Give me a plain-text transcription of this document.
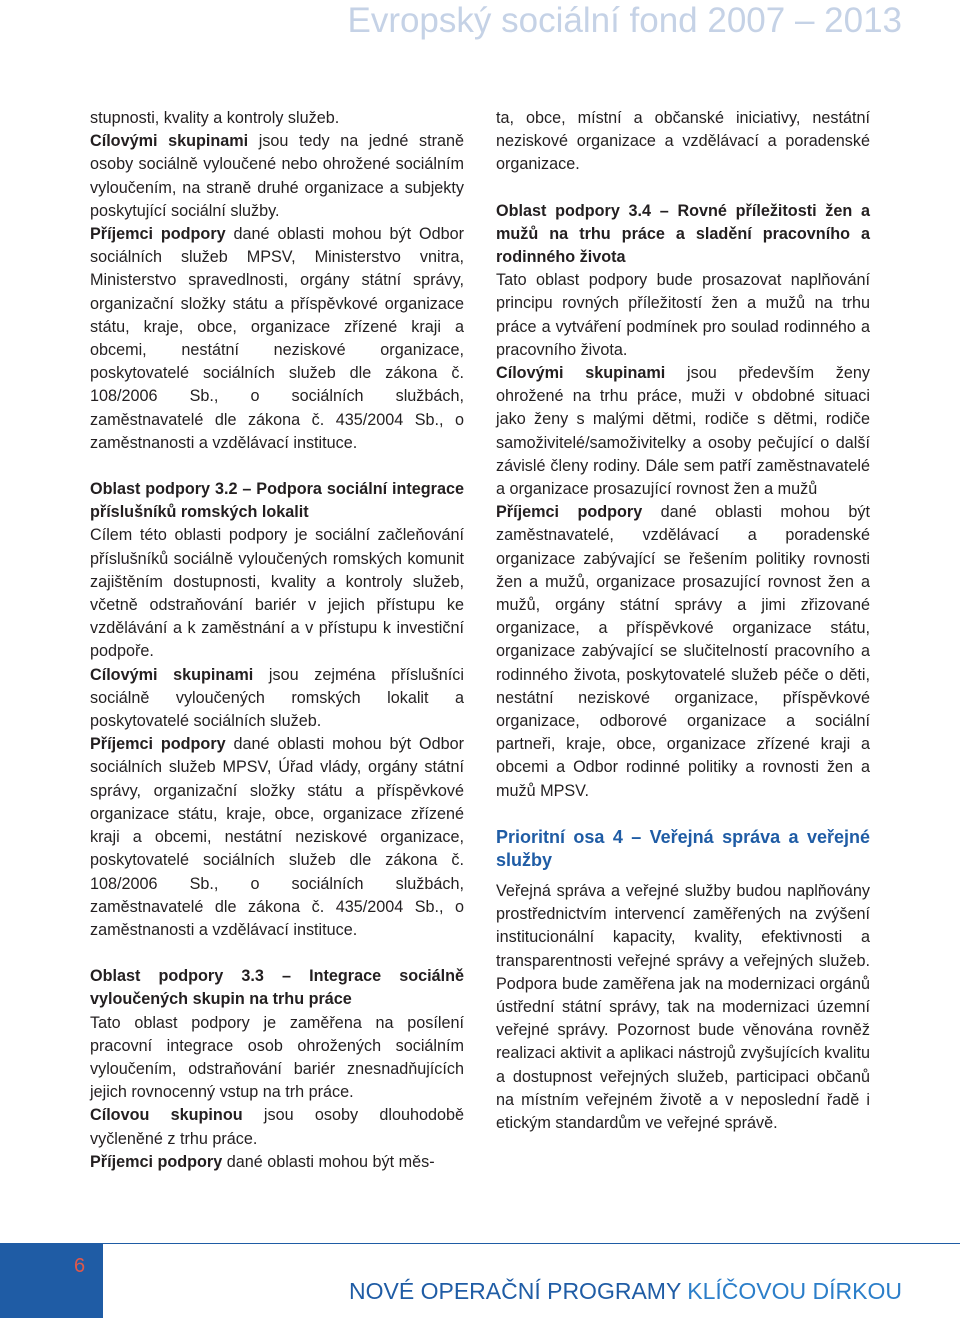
Evropský sociální fond 2007 – 2013

stupnosti, kvality a kontroly služeb.

Cílovými skupinami jsou tedy na jedné straně osoby sociálně vyloučené nebo ohrožené sociálním vyloučením, na straně druhé organizace a subjekty poskytující sociální služby.

Příjemci podpory dané oblasti mohou být Odbor sociálních služeb MPSV, Ministerstvo vnitra, Ministerstvo spravedlnosti, orgány státní správy, organizační složky státu a příspěvkové organizace státu, kraje, obce, organizace zřízené kraji a obcemi, nestátní neziskové organizace, poskytovatelé sociálních služeb dle zákona č. 108/2006 Sb., o sociálních službách, zaměstnavatelé dle zákona č. 435/2004 Sb., o zaměstnanosti a vzdělávací instituce.

Oblast podpory 3.2 – Podpora sociální integrace příslušníků romských lokalit

Cílem této oblasti podpory je sociální začleňování příslušníků sociálně vyloučených romských komunit zajištěním dostupnosti, kvality a kontroly služeb, včetně odstraňování bariér v jejich přístupu ke vzdělávání a k zaměstnání a v přístupu k investiční podpoře.

Cílovými skupinami jsou zejména příslušníci sociálně vyloučených romských lokalit a poskytovatelé sociálních služeb.

Příjemci podpory dané oblasti mohou být Odbor sociálních služeb MPSV, Úřad vlády, orgány státní správy, organizační složky státu a příspěvkové organizace státu, kraje, obce, organizace zřízené kraji a obcemi, nestátní neziskové organizace, poskytovatelé sociálních služeb dle zákona č. 108/2006 Sb., o sociálních službách, zaměstnavatelé dle zákona č. 435/2004 Sb., o zaměstnanosti a vzdělávací instituce.

Oblast podpory 3.3 – Integrace sociálně vyloučených skupin na trhu práce

Tato oblast podpory je zaměřena na posílení pracovní integrace osob ohrožených sociálním vyloučením, odstraňování bariér znesnadňujících jejich rovnocenný vstup na trh práce.

Cílovou skupinou jsou osoby dlouhodobě vyčleněné z trhu práce.

Příjemci podpory dané oblasti mohou být měs-

ta, obce, místní a občanské iniciativy, nestátní neziskové organizace a vzdělávací a poradenské organizace.

Oblast podpory 3.4 – Rovné příležitosti žen a mužů na trhu práce a sladění pracovního a rodinného života

Tato oblast podpory bude prosazovat naplňování principu rovných příležitostí žen a mužů na trhu práce a vytváření podmínek pro soulad rodinného a pracovního života.

Cílovými skupinami jsou především ženy ohrožené na trhu práce, muži v obdobné situaci jako ženy s malými dětmi, rodiče s dětmi, rodiče samoživitelé/samoživitelky a osoby pečující o další závislé členy rodiny. Dále sem patří zaměstnavatelé a organizace prosazující rovnost žen a mužů

Příjemci podpory dané oblasti mohou být zaměstnavatelé, vzdělávací a poradenské organizace zabývající se řešením politiky rovnosti žen a mužů, organizace prosazující rovnost žen a mužů, orgány státní správy a jimi zřizované organizace, a příspěvkové organizace státu, organizace zabývající se slučitelností pracovního a rodinného života, poskytovatelé služeb péče o děti, nestátní neziskové organizace, příspěvkové organizace, odborové organizace a sociální partneři, kraje, obce, organizace zřízené kraji a obcemi a Odbor rodinné politiky a rovnosti žen a mužů MPSV.

Prioritní osa 4 – Veřejná správa a veřejné služby

Veřejná správa a veřejné služby budou naplňovány prostřednictvím intervencí zaměřených na zvýšení institucionální kapacity, kvality, efektivnosti a transparentnosti veřejné správy a veřejných služeb. Podpora bude zaměřena jak na modernizaci orgánů ústřední státní správy, tak na modernizaci územní veřejné správy. Pozornost bude věnována rovněž realizaci aktivit a aplikaci nástrojů zvyšujících kvalitu a dostupnost veřejných služeb, participaci občanů na místním veřejném životě a v neposlední řadě i etickým standardům ve veřejné správě.

6
NOVÉ OPERAČNÍ PROGRAMY KLÍČOVOU DÍRKOU
